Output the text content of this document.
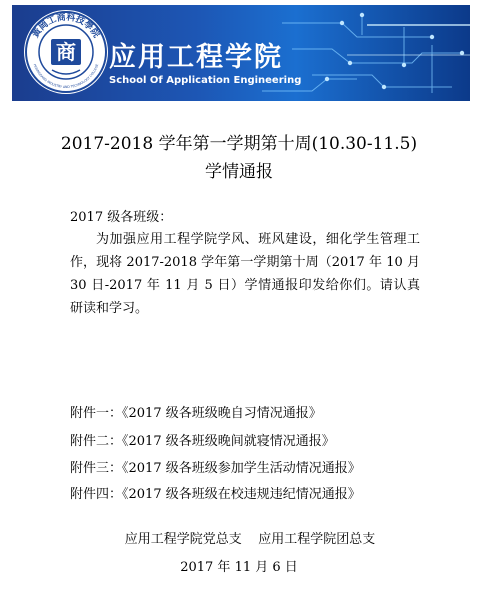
黃岡工商科技學院
HUANGGANG INDUSTRY AND TECHNOLOGY COLLEGE
商 应用工程学院
School Of Application Engineering
2017-2018 学年第一学期第十周(10.30-11.5)
学情通报
2017 级各班级：
为加强应用工程学院学风、班风建设，细化学生管理工作，现将 2017-2018 学年第一学期第十周（2017 年 10 月 30 日-2017 年 11 月 5 日）学情通报印发给你们。请认真研读和学习。
附件一：《2017 级各班级晚自习情况通报》
附件二：《2017 级各班级晚间就寝情况通报》
附件三：《2017 级各班级参加学生活动情况通报》
附件四：《2017 级各班级在校违规违纪情况通报》
应用工程学院党总支    应用工程学院团总支
2017 年 11 月 6 日
